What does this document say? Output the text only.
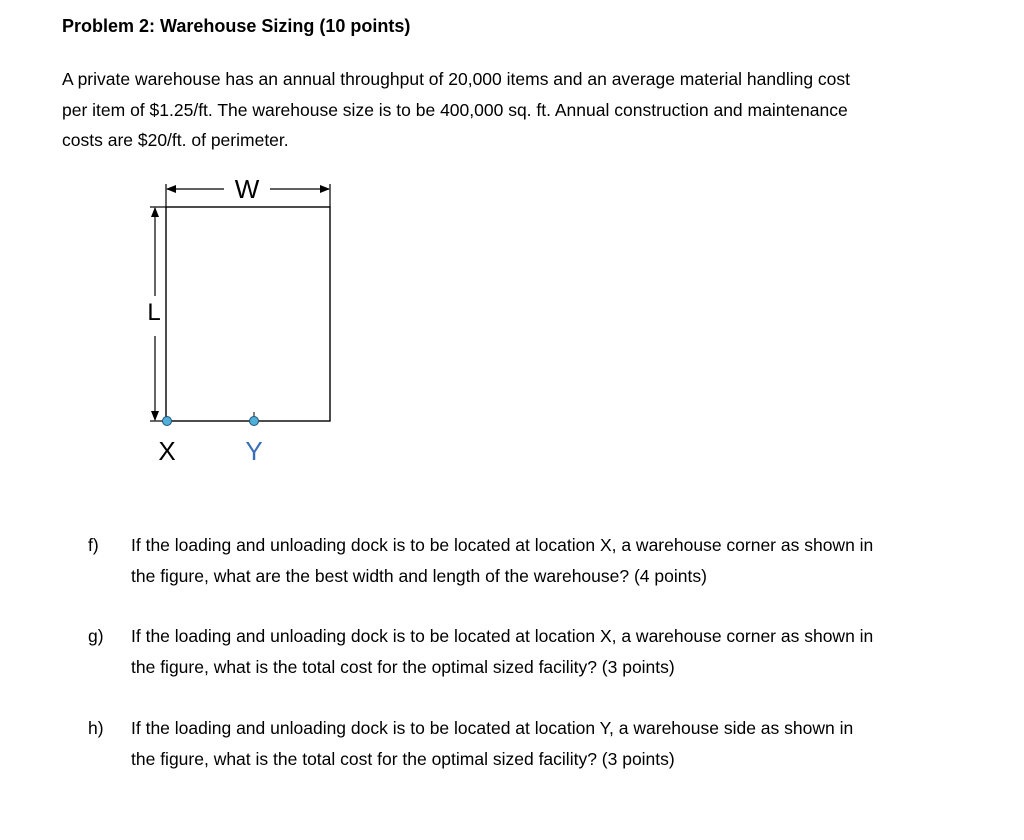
Problem 2: Warehouse Sizing (10 points)
A private warehouse has an annual throughput of 20,000 items and an average material handling cost
per item of $1.25/ft. The warehouse size is to be 400,000 sq. ft. Annual construction and maintenance
costs are $20/ft. of perimeter.
W
L
X	Y
f)	If the loading and unloading dock is to be located at location X, a warehouse corner as shown in
the figure, what are the best width and length of the warehouse? (4 points)
g)	If the loading and unloading dock is to be located at location X, a warehouse corner as shown in
the figure, what is the total cost for the optimal sized facility? (3 points)
h)	If the loading and unloading dock is to be located at location Y, a warehouse side as shown in
the figure, what is the total cost for the optimal sized facility? (3 points)
